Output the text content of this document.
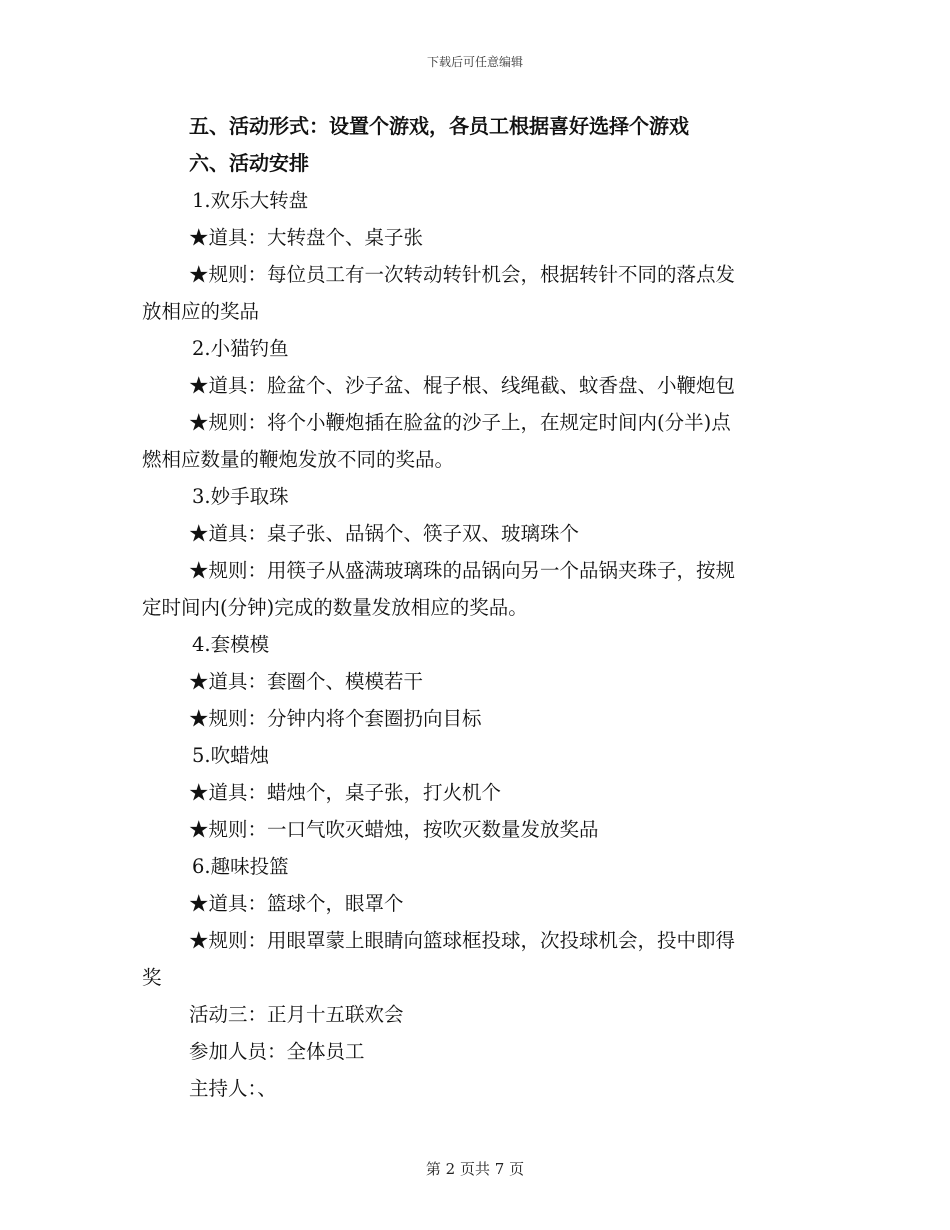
下载后可任意编辑
五、活动形式：设置个游戏，各员工根据喜好选择个游戏
六、活动安排
1.欢乐大转盘
★道具：大转盘个、桌子张
★规则：每位员工有一次转动转针机会，根据转针不同的落点发
放相应的奖品
2.小猫钓鱼
★道具：脸盆个、沙子盆、棍子根、线绳截、蚊香盘、小鞭炮包
★规则：将个小鞭炮插在脸盆的沙子上，在规定时间内(分半)点
燃相应数量的鞭炮发放不同的奖品。
3.妙手取珠
★道具：桌子张、品锅个、筷子双、玻璃珠个
★规则：用筷子从盛满玻璃珠的品锅向另一个品锅夹珠子，按规
定时间内(分钟)完成的数量发放相应的奖品。
4.套模模
★道具：套圈个、模模若干
★规则：分钟内将个套圈扔向目标
5.吹蜡烛
★道具：蜡烛个，桌子张，打火机个
★规则：一口气吹灭蜡烛，按吹灭数量发放奖品
6.趣味投篮
★道具：篮球个，眼罩个
★规则：用眼罩蒙上眼睛向篮球框投球，次投球机会，投中即得
奖
活动三：正月十五联欢会
参加人员：全体员工
主持人：、
第 2 页共 7 页
